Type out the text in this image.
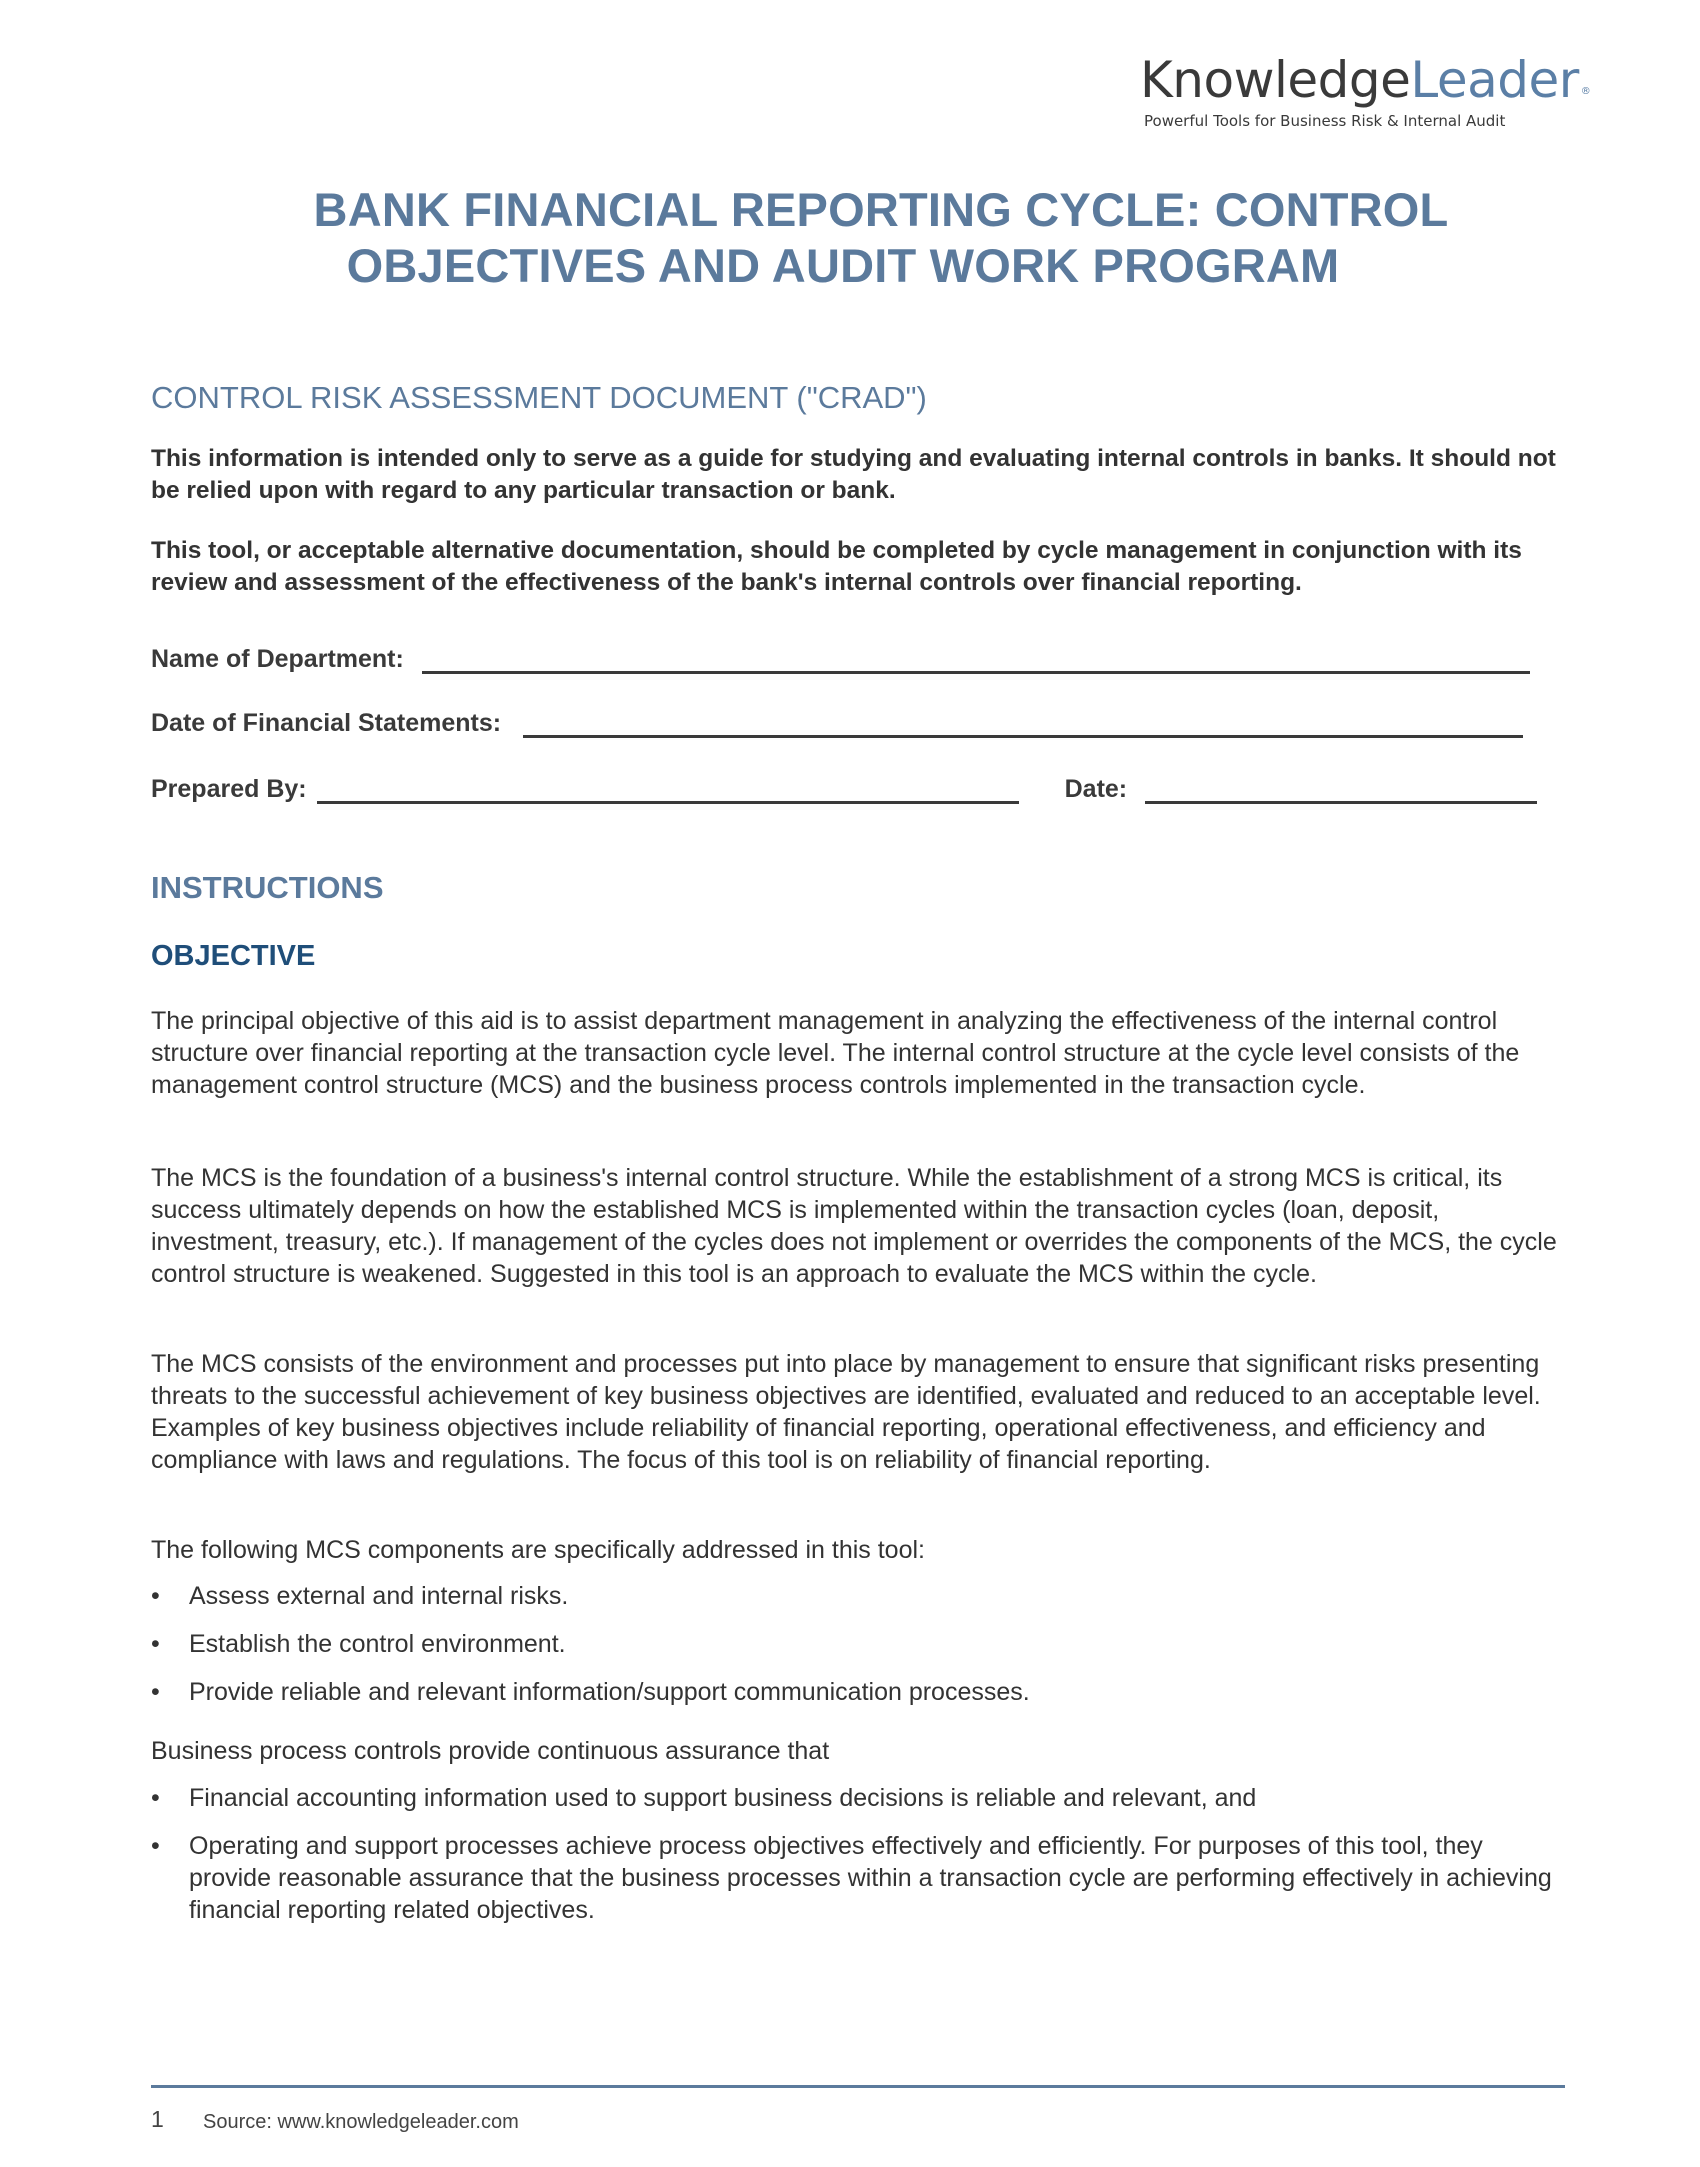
KnowledgeLeader ®
Powerful Tools for Business Risk & Internal Audit
BANK FINANCIAL REPORTING CYCLE: CONTROL
OBJECTIVES AND AUDIT WORK PROGRAM
CONTROL RISK ASSESSMENT DOCUMENT ("CRAD")
This information is intended only to serve as a guide for studying and evaluating internal controls in banks. It should not be relied upon with regard to any particular transaction or bank.
This tool, or acceptable alternative documentation, should be completed by cycle management in conjunction with its review and assessment of the effectiveness of the bank's internal controls over financial reporting.
Name of Department:
Date of Financial Statements:
Prepared By:	Date:
INSTRUCTIONS
OBJECTIVE
The principal objective of this aid is to assist department management in analyzing the effectiveness of the internal control structure over financial reporting at the transaction cycle level. The internal control structure at the cycle level consists of the management control structure (MCS) and the business process controls implemented in the transaction cycle.
The MCS is the foundation of a business's internal control structure. While the establishment of a strong MCS is critical, its success ultimately depends on how the established MCS is implemented within the transaction cycles (loan, deposit, investment, treasury, etc.). If management of the cycles does not implement or overrides the components of the MCS, the cycle control structure is weakened. Suggested in this tool is an approach to evaluate the MCS within the cycle.
The MCS consists of the environment and processes put into place by management to ensure that significant risks presenting threats to the successful achievement of key business objectives are identified, evaluated and reduced to an acceptable level. Examples of key business objectives include reliability of financial reporting, operational effectiveness, and efficiency and compliance with laws and regulations. The focus of this tool is on reliability of financial reporting.
The following MCS components are specifically addressed in this tool:
•	Assess external and internal risks.
•	Establish the control environment.
•	Provide reliable and relevant information/support communication processes.
Business process controls provide continuous assurance that
•	Financial accounting information used to support business decisions is reliable and relevant, and
•	Operating and support processes achieve process objectives effectively and efficiently. For purposes of this tool, they provide reasonable assurance that the business processes within a transaction cycle are performing effectively in achieving financial reporting related objectives.
1 Source: www.knowledgeleader.com
